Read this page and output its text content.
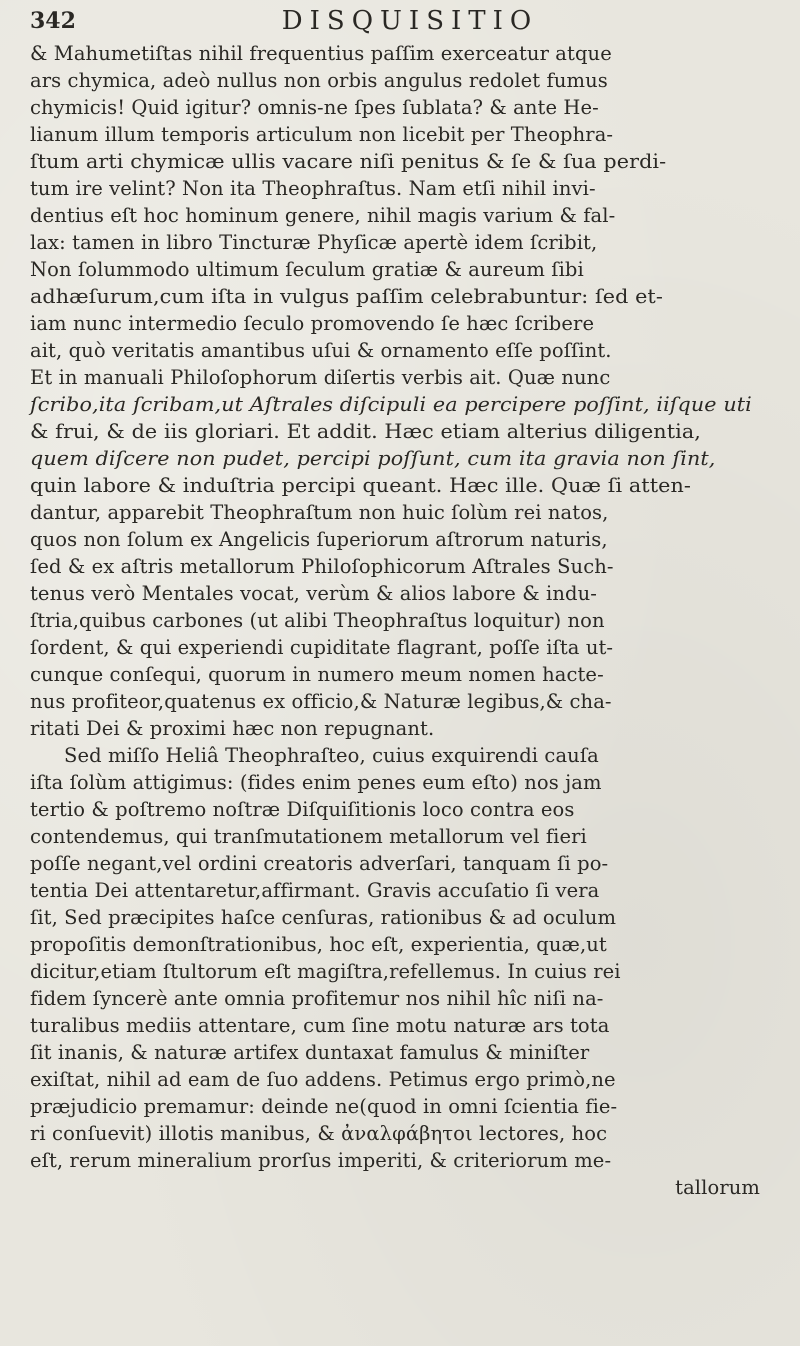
342	DISQUISITIO
& Mahumetiſtas nihil frequentius paſſim exerceatur atque
ars chymica, adeò nullus non orbis angulus redolet fumus
chymicis! Quid igitur? omnis-ne ſpes ſublata? & ante He-
lianum illum temporis articulum non licebit per Theophra-
ſtum arti chymicæ ullis vacare niſi penitus & ſe & ſua perdi-
tum ire velint? Non ita Theophraſtus. Nam etſi nihil invi-
dentius eſt hoc hominum genere, nihil magis varium & fal-
lax: tamen in libro Tincturæ Phyſicæ apertè idem ſcribit,
Non ſolummodo ultimum ſeculum gratiæ & aureum ſibi
adhæſurum,cum iſta in vulgus paſſim celebrabuntur: ſed et-
iam nunc intermedio ſeculo promovendo ſe hæc ſcribere
ait, quò veritatis amantibus uſui & ornamento eſſe poſſint.
Et in manuali Philoſophorum diſertis verbis ait. Quæ nunc
ſcribo,ita ſcribam,ut Aſtrales diſcipuli ea percipere poſſint, iiſque uti
& frui, & de iis gloriari. Et addit. Hæc etiam alterius diligentia,
quem diſcere non pudet, percipi poſſunt, cum ita gravia non ſint,
quin labore & induſtria percipi queant. Hæc ille. Quæ ſi atten-
dantur, apparebit Theophraſtum non huic ſolùm rei natos,
quos non ſolum ex Angelicis ſuperiorum aſtrorum naturis,
ſed & ex aſtris metallorum Philoſophicorum Aſtrales Such-
tenus verò Mentales vocat, verùm & alios labore & indu-
ſtria,quibus carbones (ut alibi Theophraſtus loquitur) non
ſordent, & qui experiendi cupiditate flagrant, poſſe iſta ut-
cunque conſequi, quorum in numero meum nomen hacte-
nus profiteor,quatenus ex officio,& Naturæ legibus,& cha-
ritati Dei & proximi hæc non repugnant.
Sed miſſo Heliâ Theophraſteo, cuius exquirendi cauſa
iſta ſolùm attigimus: (fides enim penes eum eſto) nos jam
tertio & poſtremo noſtræ Diſquiſitionis loco contra eos
contendemus, qui tranſmutationem metallorum vel fieri
poſſe negant,vel ordini creatoris adverſari, tanquam ſi po-
tentia Dei attentaretur,affirmant. Gravis accuſatio ſi vera
ſit, Sed præcipites haſce cenſuras, rationibus & ad oculum
propoſitis demonſtrationibus, hoc eſt, experientia, quæ,ut
dicitur,etiam ſtultorum eſt magiſtra,refellemus. In cuius rei
fidem ſyncerè ante omnia profitemur nos nihil hîc niſi na-
turalibus mediis attentare, cum ſine motu naturæ ars tota
ſit inanis, & naturæ artifex duntaxat famulus & miniſter
exiſtat, nihil ad eam de ſuo addens. Petimus ergo primò,ne
præjudicio premamur: deinde ne(quod in omni ſcientia fie-
ri conſuevit) illotis manibus, & ἀναλφάβητοι lectores, hoc
eſt, rerum mineralium prorſus imperiti, & criteriorum me-
tallorum
